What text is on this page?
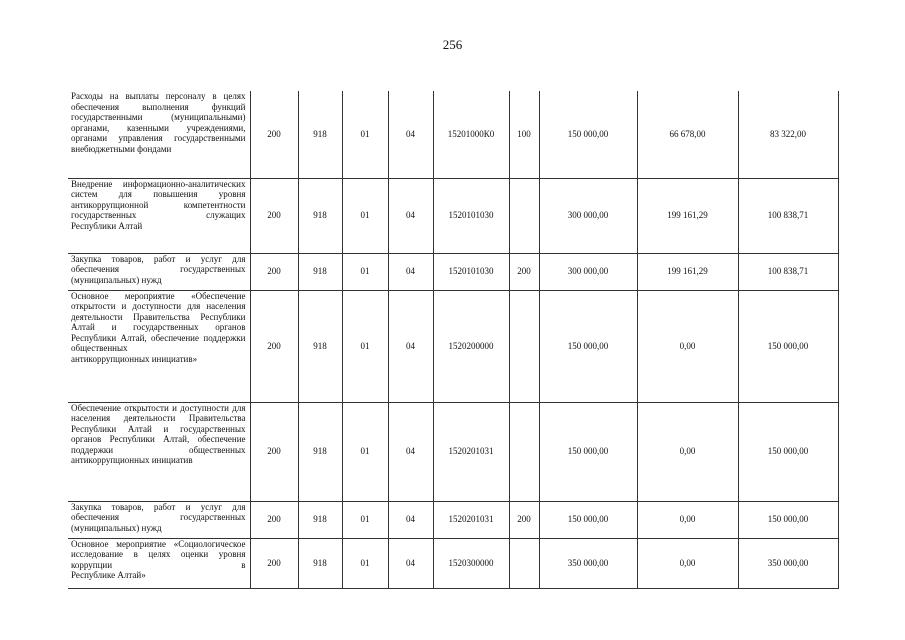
256
Расходы на выплаты персоналу в целях обеспечения выполнения функций государственными (муниципальными) органами, казенными учреждениями, органами управления государственными
внебюджетными фондами	200	918	01	04	15201000К0	100	150 000,00	66 678,00	83 322,00
Внедрение информационно-аналитических систем для повышения уровня антикоррупционной компетентности государственных служащих
Республики Алтай	200	918	01	04	1520101030		300 000,00	199 161,29	100 838,71
Закупка товаров, работ и услуг для обеспечения государственных
(муниципальных) нужд	200	918	01	04	1520101030	200	300 000,00	199 161,29	100 838,71
Основное мероприятие «Обеспечение открытости и доступности для населения деятельности Правительства Республики Алтай и государственных органов Республики Алтай, обеспечение поддержки общественных
антикоррупционных инициатив»	200	918	01	04	1520200000		150 000,00	0,00	150 000,00
Обеспечение открытости и доступности для населения деятельности Правительства Республики Алтай и государственных органов Республики Алтай, обеспечение поддержки общественных
антикоррупционных инициатив	200	918	01	04	1520201031		150 000,00	0,00	150 000,00
Закупка товаров, работ и услуг для обеспечения государственных
(муниципальных) нужд	200	918	01	04	1520201031	200	150 000,00	0,00	150 000,00
Основное мероприятие «Социологическое исследование в целях оценки уровня коррупции в
Республике Алтай»	200	918	01	04	1520300000		350 000,00	0,00	350 000,00
